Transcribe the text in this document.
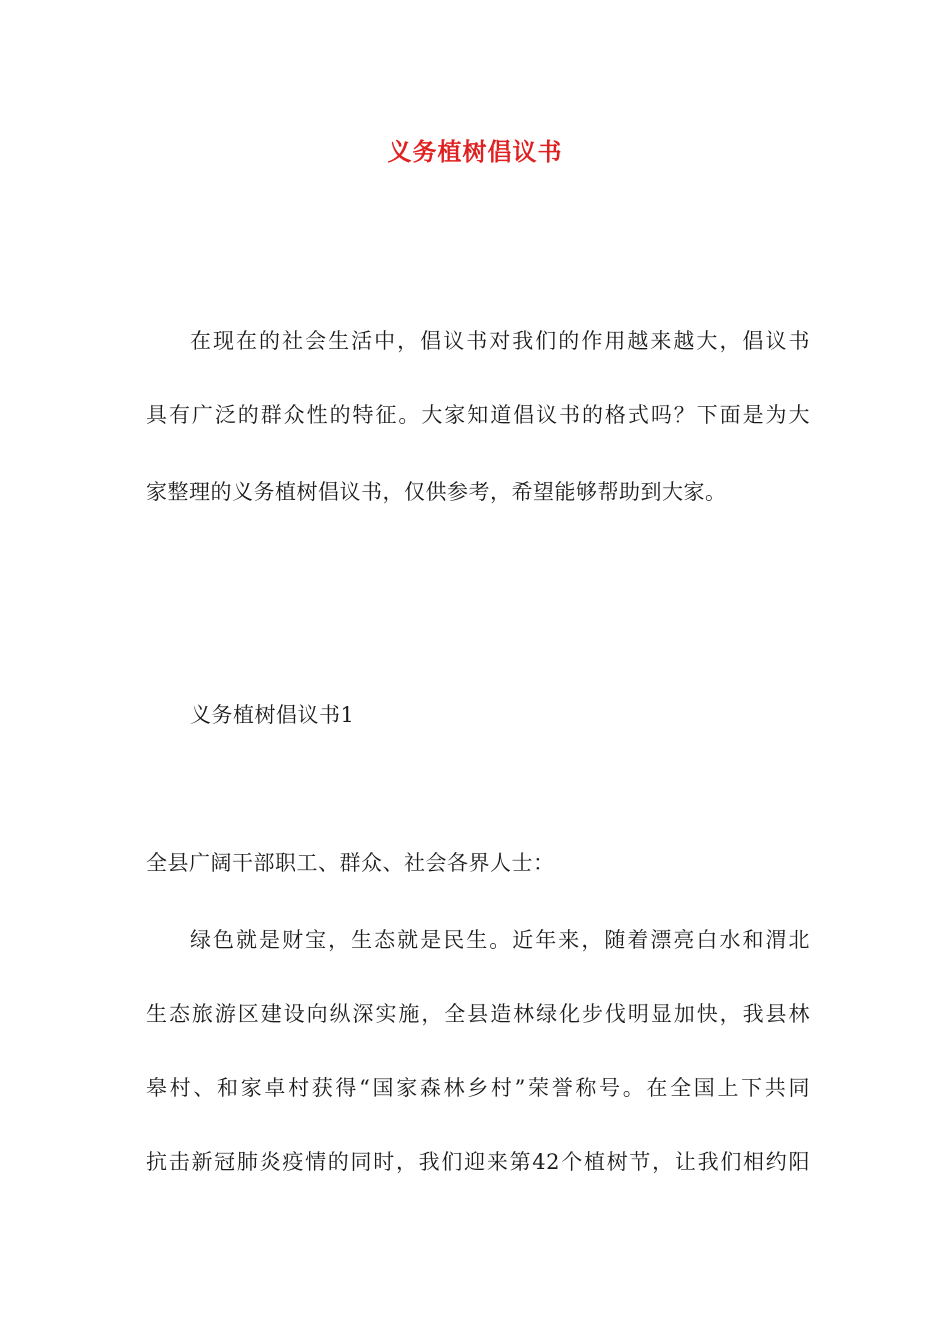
义务植树倡议书
在现在的社会生活中，倡议书对我们的作用越来越大，倡议书
具有广泛的群众性的特征。大家知道倡议书的格式吗？下面是为大
家整理的义务植树倡议书，仅供参考，希望能够帮助到大家。
义务植树倡议书1
全县广阔干部职工、群众、社会各界人士：
绿色就是财宝，生态就是民生。近年来，随着漂亮白水和渭北
生态旅游区建设向纵深实施，全县造林绿化步伐明显加快，我县林
皋村、和家卓村获得“国家森林乡村”荣誉称号。在全国上下共同
抗击新冠肺炎疫情的同时，我们迎来第42个植树节，让我们相约阳
